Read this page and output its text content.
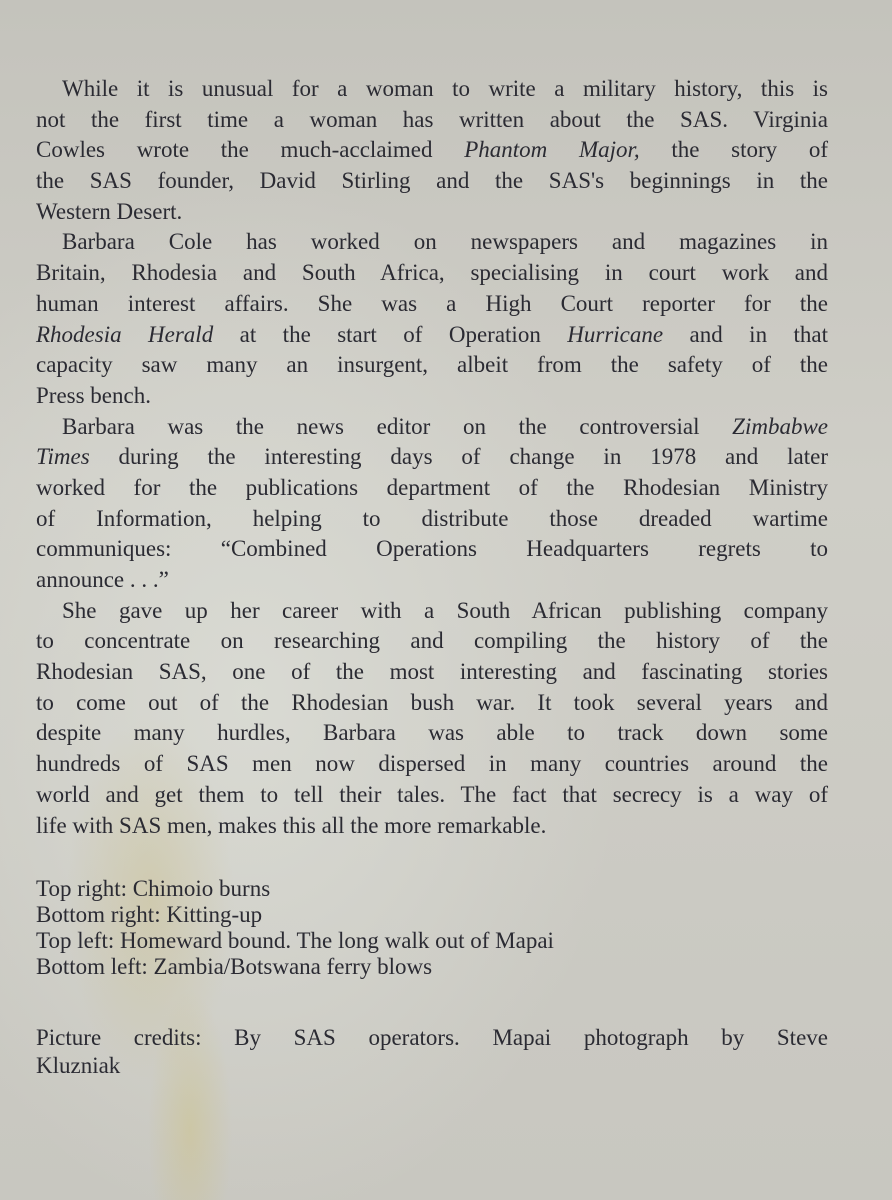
While it is unusual for a woman to write a military history, this is
not the first time a woman has written about the SAS. Virginia
Cowles wrote the much-acclaimed Phantom Major, the story of
the SAS founder, David Stirling and the SAS's beginnings in the
Western Desert.
Barbara Cole has worked on newspapers and magazines in
Britain, Rhodesia and South Africa, specialising in court work and
human interest affairs. She was a High Court reporter for the
Rhodesia Herald at the start of Operation Hurricane and in that
capacity saw many an insurgent, albeit from the safety of the
Press bench.
Barbara was the news editor on the controversial Zimbabwe
Times during the interesting days of change in 1978 and later
worked for the publications department of the Rhodesian Ministry
of Information, helping to distribute those dreaded wartime
communiques: “Combined Operations Headquarters regrets to
announce . . .”
She gave up her career with a South African publishing company
to concentrate on researching and compiling the history of the
Rhodesian SAS, one of the most interesting and fascinating stories
to come out of the Rhodesian bush war. It took several years and
despite many hurdles, Barbara was able to track down some
hundreds of SAS men now dispersed in many countries around the
world and get them to tell their tales. The fact that secrecy is a way of
life with SAS men, makes this all the more remarkable.
Top right: Chimoio burns
Bottom right: Kitting-up
Top left: Homeward bound. The long walk out of Mapai
Bottom left: Zambia/Botswana ferry blows
Picture credits: By SAS operators. Mapai photograph by Steve
Kluzniak
